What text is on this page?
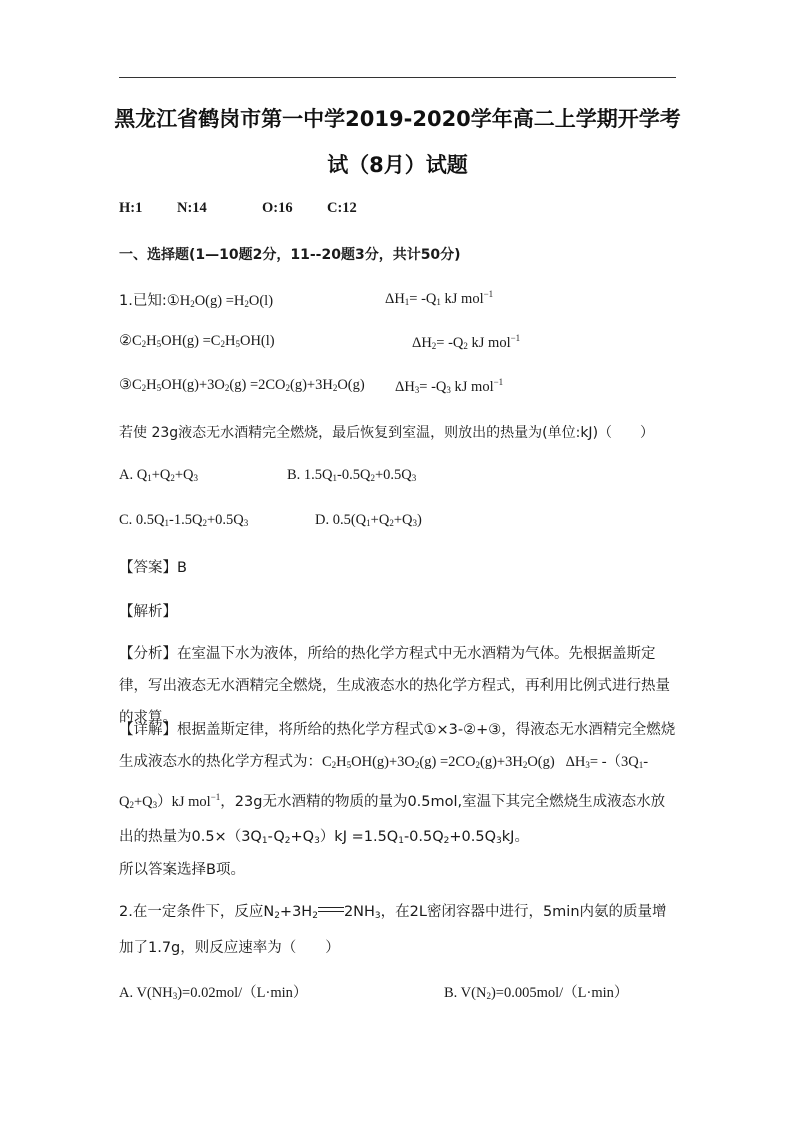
黑龙江省鹤岗市第一中学2019-2020学年高二上学期开学考
试（8月）试题
H:1 N:14	O:16 C:12
一、选择题(1—10题2分，11--20题3分，共计50分)
1.已知$:①H_2O(g) =H_2O(l)$	$\Delta H_1= -Q_1$ kJ mol$^{-1}$
$②C_2H_5OH(g) =C_2H_5OH(l)$	$\Delta H_2= -Q_2$ kJ mol$^{-1}$
$③C_2H_5OH(g)+3O_2(g) =2CO_2(g)+3H_2O(g)$ $\Delta H_3= -Q_3$ kJ mol$^{-1}$
若使 23g液态无水酒精完全燃烧，最后恢复到室温，则放出的热量为(单位:kJ)（　　）
A. $Q_1+Q_2+Q_3$	B. $1.5Q_1-0.5Q_2+0.5Q_3$
C. $0.5Q_1-1.5Q_2+0.5Q_3$	D. $0.5(Q_1+Q_2+Q_3)$
【答案】B
【解析】
【分析】在室温下水为液体，所给的热化学方程式中无水酒精为气体。先根据盖斯定律，写出液态无水酒精完全燃烧，生成液态水的热化学方程式，再利用比例式进行热量的求算。
【详解】根据盖斯定律，将所给的热化学方程式①×3-②+③，得液态无水酒精完全燃烧生成液态水的热化学方程式为：$C_2H_5OH(g)+3O_2(g) =2CO_2(g)+3H_2O(g)$   $\Delta H_3= -(3Q_1-Q_2+Q_3)kJ$ mol$^{-1}$，23g无水酒精的物质的量为0.5mol,室温下其完全燃烧生成液态水放出的热量为$0.5\times(3Q_1-Q_2+Q_3)kJ =1.5Q_1-0.5Q_2+0.5Q_3kJ$。
所以答案选择B项。
2.在一定条件下，反应$N_2+3H_2$ $2NH_3$，在2L密闭容器中进行，5min内氨的质量增加了1.7g，则反应速率为（　　）
A. $V(NH_3)=0.02mol/(L\cdot\min)$	B. $V(N_2)=0.005mol/(L\cdot\min)$
